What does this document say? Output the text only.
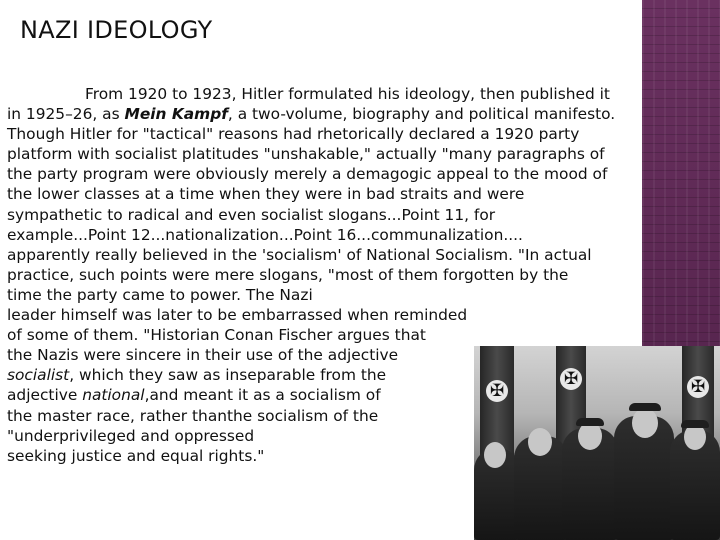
NAZI IDEOLOGY
✠
✠
✠
From 1920 to 1923, Hitler formulated his ideology, then published it
in 1925–26, as Mein Kampf, a two-volume, biography and political manifesto.
Though Hitler for "tactical" reasons had rhetorically declared a 1920 party
platform with socialist platitudes "unshakable," actually "many paragraphs of
the party program were obviously merely a demagogic appeal to the mood of
the lower classes at a time when they were in bad straits and were
sympathetic to radical and even socialist slogans...Point 11, for
example...Point 12...nationalization...Point 16...communalization....
apparently really believed in the 'socialism' of National Socialism. "In actual
practice, such points were mere slogans, "most of them forgotten by the
time the party came to power. The Nazi
leader himself was later to be embarrassed when reminded
of some of them. "Historian Conan Fischer argues that
the Nazis were sincere in their use of the adjective
socialist, which they saw as inseparable from the
adjective national,and meant it as a socialism of
the master race, rather thanthe socialism of the
"underprivileged and oppressed
seeking justice and equal rights."
